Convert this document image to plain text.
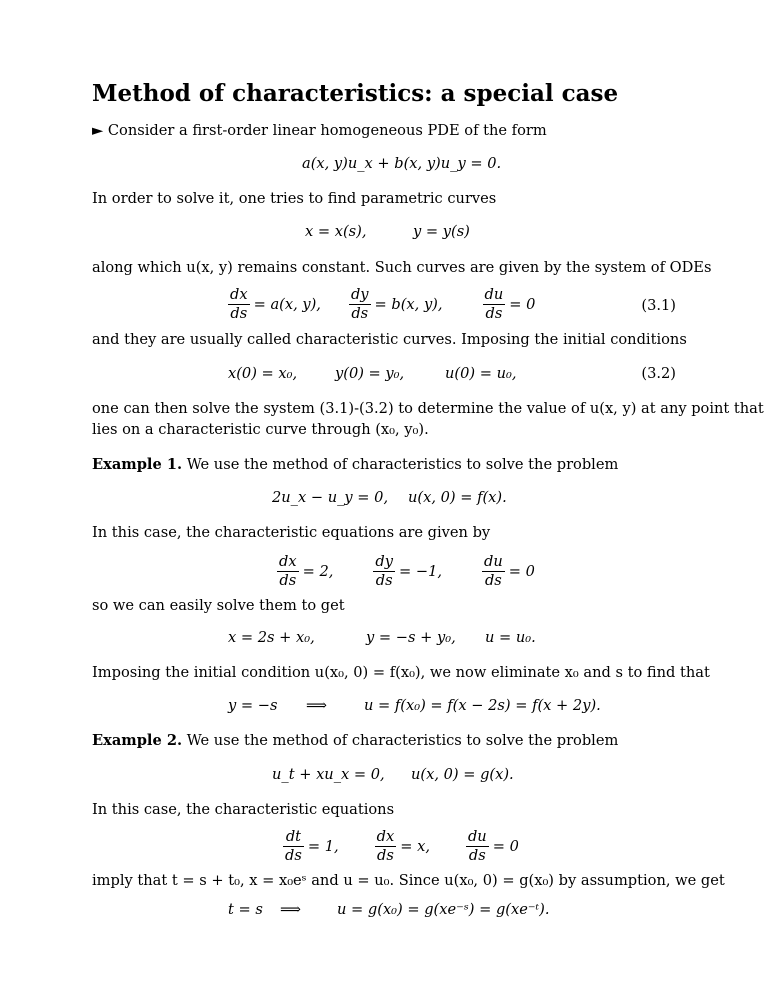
Method of characteristics: a special case
► Consider a first-order linear homogeneous PDE of the form
a(x, y)u_x + b(x, y)u_y = 0.
In order to solve it, one tries to find parametric curves
x = x(s),	y = y(s)
along which u(x, y) remains constant. Such curves are given by the system of ODEs
$\frac{dx}{ds} = a(x$, y), $\frac{dy}{ds} = b(x$, y),	$\frac{du}{ds} = 0$	(3.1)
and they are usually called characteristic curves. Imposing the initial conditions
x(0) = x₀,	y(0) = y₀,	u(0) = u₀,	(3.2)
one can then solve the system (3.1)-(3.2) to determine the value of u(x, y) at any point that
lies on a characteristic curve through (x₀, y₀).
Example 1. We use the method of characteristics to solve the problem
2u_x − u_y = 0, u(x, 0) = f(x).
In this case, the characteristic equations are given by
$\frac{dx}{ds} = 2$,	$\frac{dy}{ds} = -1$,	$\frac{du}{ds} = 0$
so we can easily solve them to get
x = 2s + x₀,	y = −s + y₀, u = u₀.
Imposing the initial condition u(x₀, 0) = f(x₀), we now eliminate x₀ and s to find that
y = −s ⟹	u = f(x₀) = f(x − 2s) = f(x + 2y).
Example 2. We use the method of characteristics to solve the problem
u_t + xu_x = 0, u(x, 0) = g(x).
In this case, the characteristic equations
$\frac{dt}{ds} = 1$, $\frac{dx}{ds} = x$, $\frac{du}{ds} = 0$
imply that t = s + t₀, x = x₀eˢ and u = u₀. Since u(x₀, 0) = g(x₀) by assumption, we get
t = s ⟹ u = g(x₀) = g(xe⁻ˢ) = g(xe⁻ᵗ).
